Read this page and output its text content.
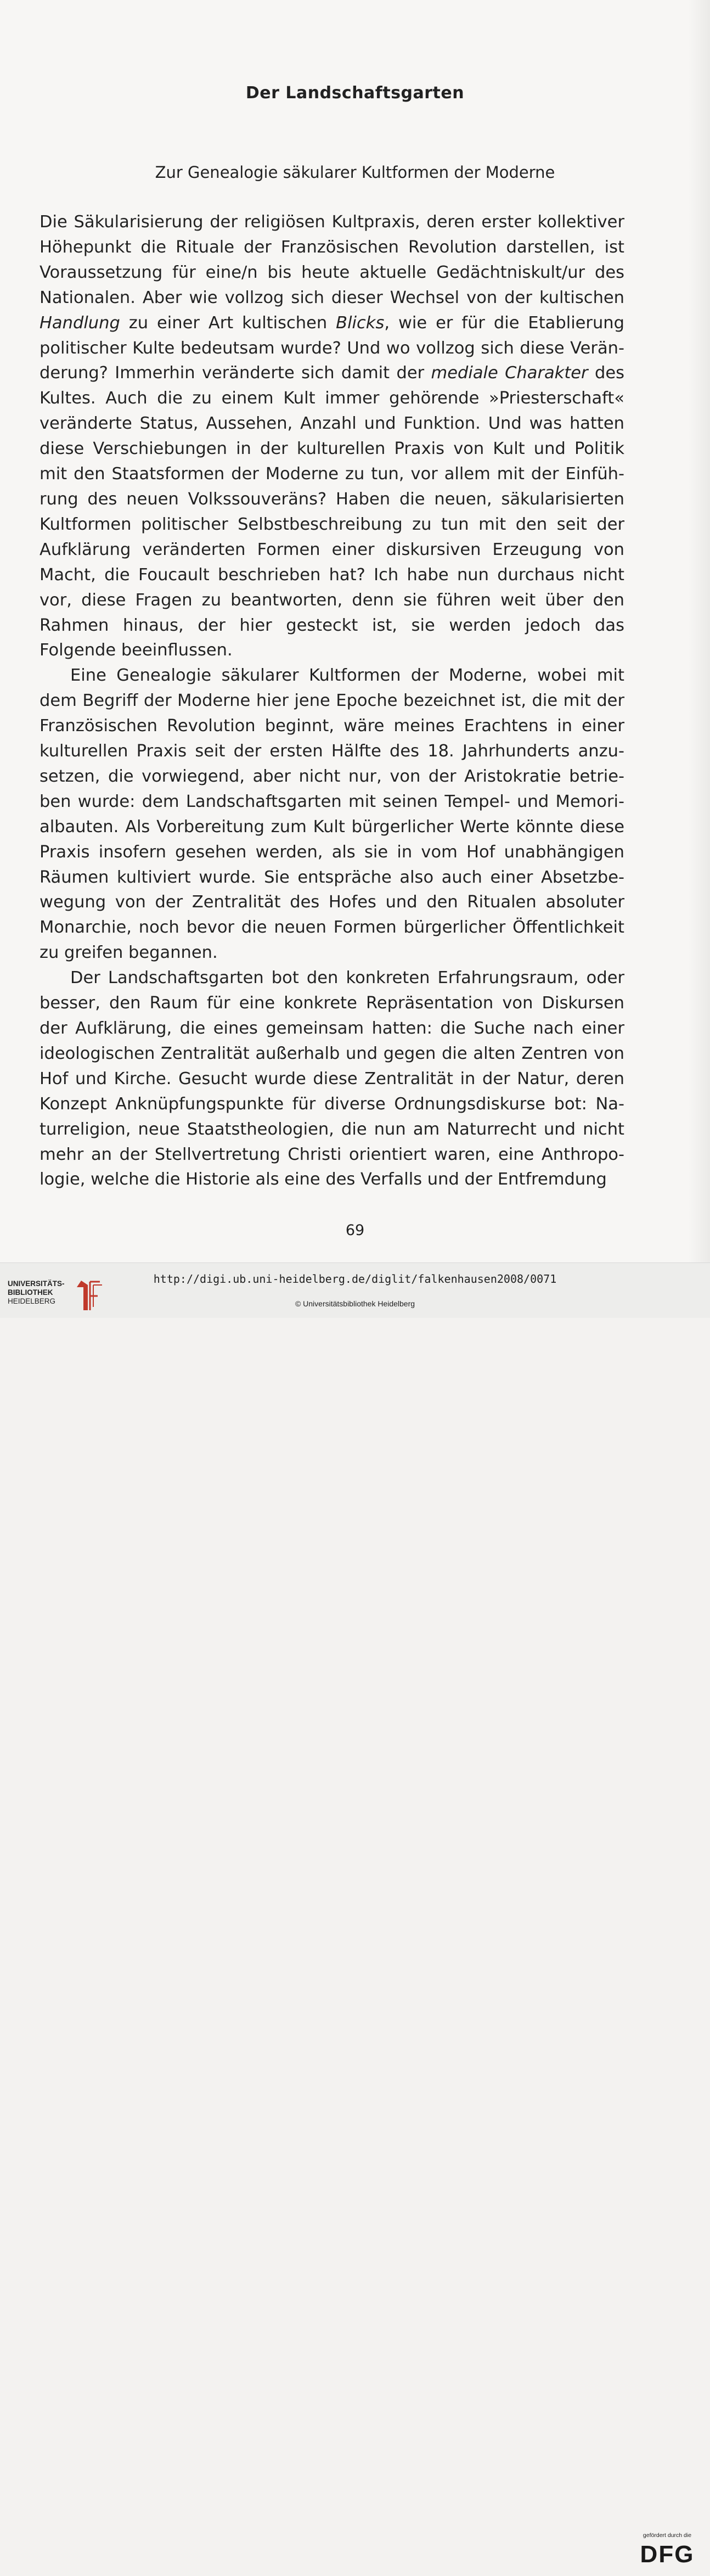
Der Landschaftsgarten
Zur Genealogie säkularer Kultformen der Moderne

Die Säkularisierung der religiösen Kultpraxis, deren erster kollektiver Höhepunkt die Rituale der Französischen Revolution darstellen, ist Voraussetzung für eine/n bis heute aktuelle Gedächtniskult/ur des Nationalen. Aber wie vollzog sich dieser Wechsel von der kultischen Handlung zu einer Art kultischen Blicks, wie er für die Etablierung politischer Kulte bedeutsam wurde? Und wo vollzog sich diese Veränderung? Immerhin veränderte sich damit der mediale Charakter des Kultes. Auch die zu einem Kult immer gehörende »Priesterschaft« veränderte Status, Aussehen, Anzahl und Funktion. Und was hatten diese Verschiebungen in der kulturellen Praxis von Kult und Politik mit den Staatsformen der Moderne zu tun, vor allem mit der Einführung des neuen Volkssouveräns? Haben die neuen, säkularisierten Kultformen politischer Selbstbeschreibung zu tun mit den seit der Aufklärung veränderten Formen einer diskursiven Erzeugung von Macht, die Foucault beschrieben hat? Ich habe nun durchaus nicht vor, diese Fragen zu beantworten, denn sie führen weit über den Rahmen hinaus, der hier gesteckt ist, sie werden jedoch das Folgende beeinflussen.

Eine Genealogie säkularer Kultformen der Moderne, wobei mit dem Begriff der Moderne hier jene Epoche bezeichnet ist, die mit der Französischen Revolution beginnt, wäre meines Erachtens in einer kulturellen Praxis seit der ersten Hälfte des 18. Jahrhunderts anzusetzen, die vorwiegend, aber nicht nur, von der Aristokratie betrieben wurde: dem Landschaftsgarten mit seinen Tempel- und Memorialbauten. Als Vorbereitung zum Kult bürgerlicher Werte könnte diese Praxis insofern gesehen werden, als sie in vom Hof unabhängigen Räumen kultiviert wurde. Sie entspräche also auch einer Absetzbewegung von der Zentralität des Hofes und den Ritualen absoluter Monarchie, noch bevor die neuen Formen bürgerlicher Öffentlichkeit zu greifen begannen.

Der Landschaftsgarten bot den konkreten Erfahrungsraum, oder besser, den Raum für eine konkrete Repräsentation von Diskursen der Aufklärung, die eines gemeinsam hatten: die Suche nach einer ideologischen Zentralität außerhalb und gegen die alten Zentren von Hof und Kirche. Gesucht wurde diese Zentralität in der Natur, deren Konzept Anknüpfungspunkte für diverse Ordnungsdiskurse bot: Naturreligion, neue Staatstheologien, die nun am Naturrecht und nicht mehr an der Stellvertretung Christi orientiert waren, eine Anthropologie, welche die Historie als eine des Verfalls und der Entfremdung

69
UNIVERSITÄTS-
BIBLIOTHEK
HEIDELBERG
gefördert durch die
DFG
http://digi.ub.uni-heidelberg.de/diglit/falkenhausen2008/0071
© Universitätsbibliothek Heidelberg
